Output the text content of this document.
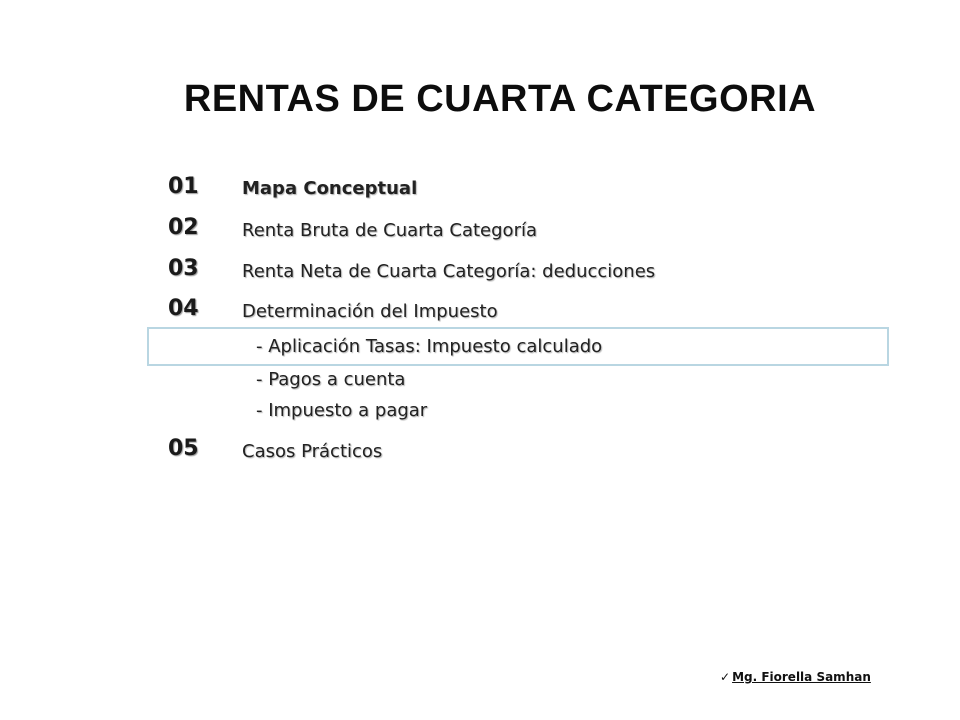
RENTAS DE CUARTA CATEGORIA
01 Mapa Conceptual
02 Renta Bruta de Cuarta Categoría
03 Renta Neta de Cuarta Categoría: deducciones
04 Determinación del Impuesto
- Aplicación Tasas: Impuesto calculado
- Pagos a cuenta
- Impuesto a pagar
05 Casos Prácticos
✓ Mg. Fiorella Samhan
